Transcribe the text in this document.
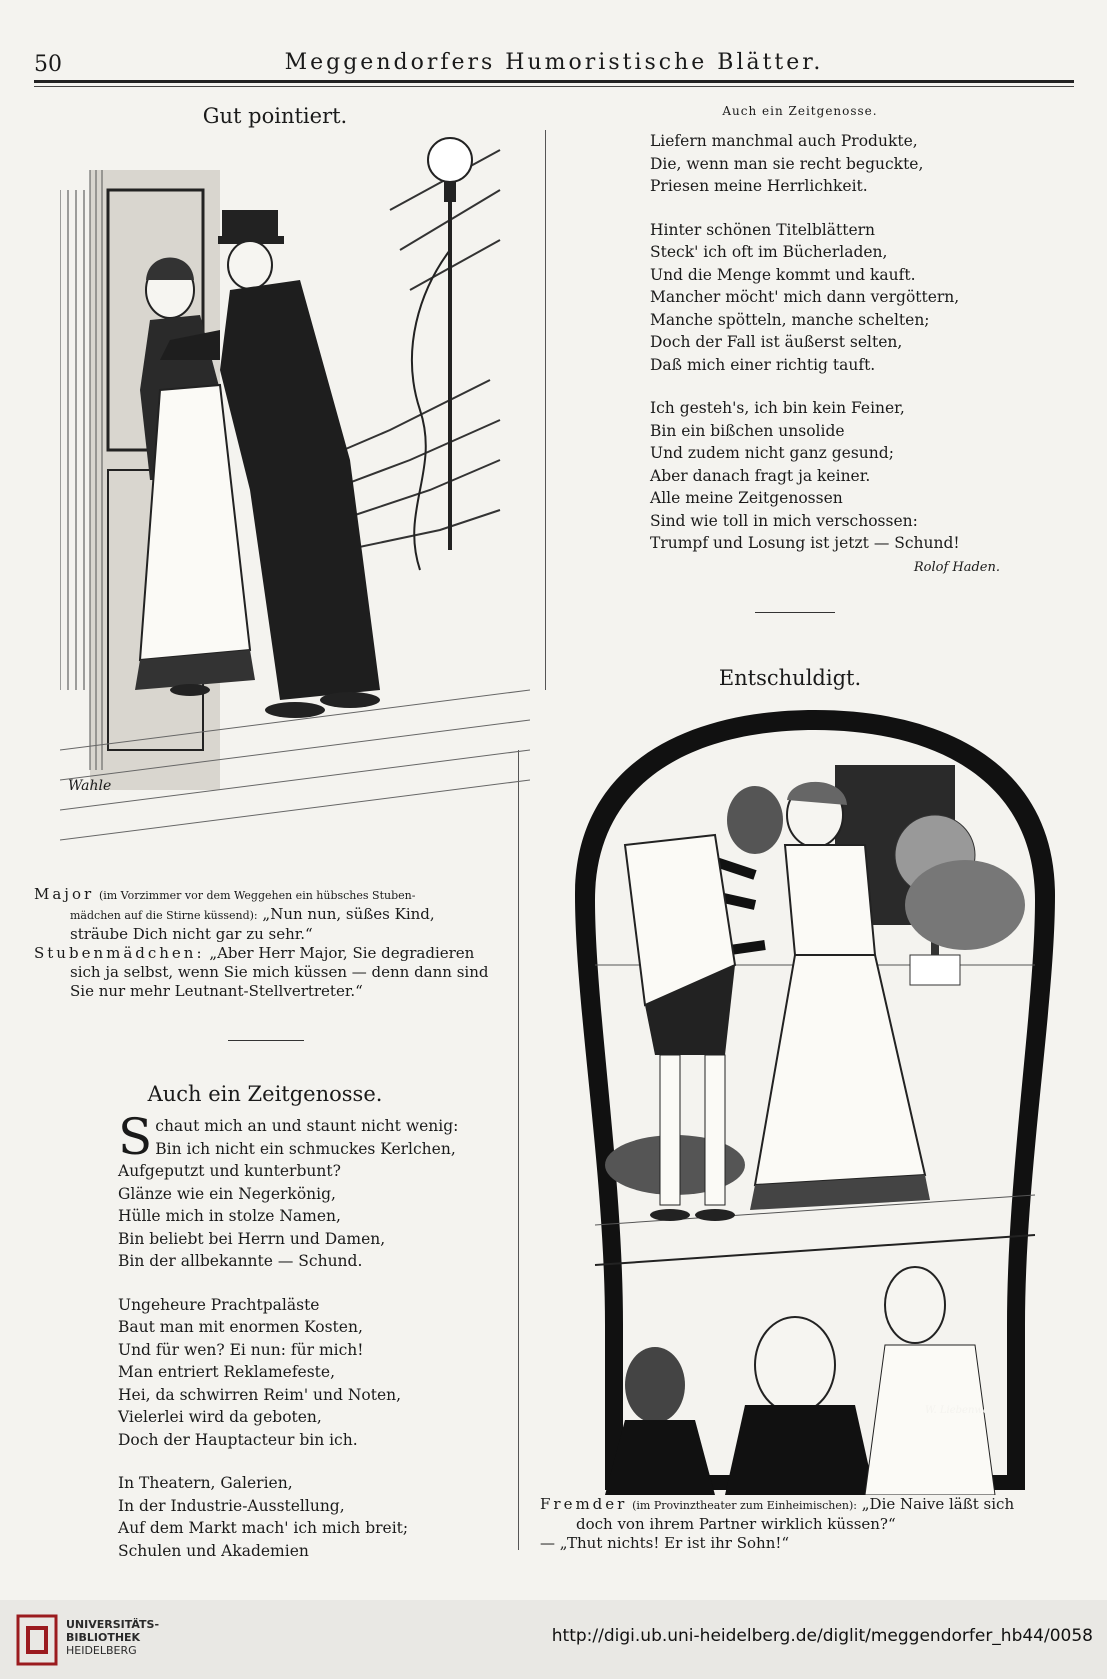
50	Meggendorfers Humoristische Blätter.
Gut pointiert.
Wahle
Major (im Vorzimmer vor dem Weggehen ein hübsches Stuben-
mädchen auf die Stirne küssend): „Nun nun, süßes Kind,
sträube Dich nicht gar zu sehr.“
Stubenmädchen: „Aber Herr Major, Sie degradieren
sich ja selbst, wenn Sie mich küssen — denn dann sind
Sie nur mehr Leutnant-Stellvertreter.“
Auch ein Zeitgenosse.
S chaut mich an und staunt nicht wenig:
Bin ich nicht ein schmuckes Kerlchen,
Aufgeputzt und kunterbunt?
Glänze wie ein Negerkönig,
Hülle mich in stolze Namen,
Bin beliebt bei Herrn und Damen,
Bin der allbekannte — Schund.
Ungeheure Prachtpaläste
Baut man mit enormen Kosten,
Und für wen? Ei nun: für mich!
Man entriert Reklamefeste,
Hei, da schwirren Reim' und Noten,
Vielerlei wird da geboten,
Doch der Hauptacteur bin ich.
In Theatern, Galerien,
In der Industrie-Ausstellung,
Auf dem Markt mach' ich mich breit;
Schulen und Akademien
Auch ein Zeitgenosse.
Liefern manchmal auch Produkte,
Die, wenn man sie recht beguckte,
Priesen meine Herrlichkeit.
Hinter schönen Titelblättern
Steck' ich oft im Bücherladen,
Und die Menge kommt und kauft.
Mancher möcht' mich dann vergöttern,
Manche spötteln, manche schelten;
Doch der Fall ist äußerst selten,
Daß mich einer richtig tauft.
Ich gesteh's, ich bin kein Feiner,
Bin ein bißchen unsolide
Und zudem nicht ganz gesund;
Aber danach fragt ja keiner.
Alle meine Zeitgenossen
Sind wie toll in mich verschossen:
Trumpf und Losung ist jetzt — Schund!
Rolof Haden.
Entschuldigt.
W. Liebenwein
Fremder (im Provinztheater zum Einheimischen): „Die Naive läßt sich
doch von ihrem Partner wirklich küssen?“
— „Thut nichts! Er ist ihr Sohn!“
UNIVERSITÄTS-
BIBLIOTHEK
HEIDELBERG
http://digi.ub.uni-heidelberg.de/diglit/meggendorfer_hb44/0058
